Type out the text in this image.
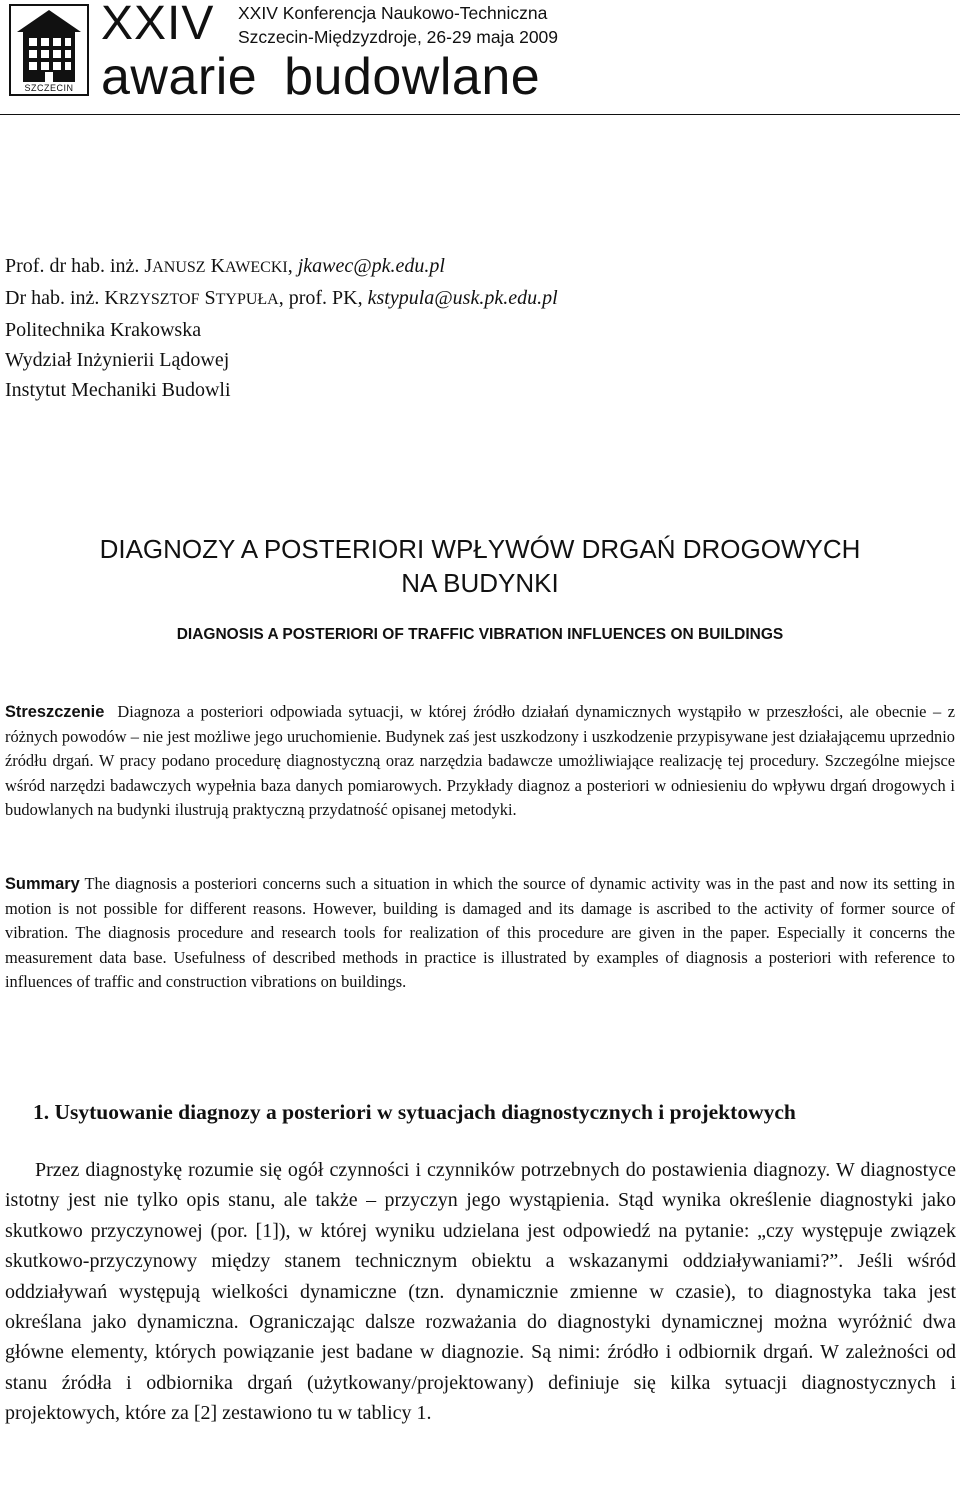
SZCZECIN
XXIV XXIV Konferencja Naukowo-Techniczna
Szczecin-Międzyzdroje, 26-29 maja 2009
awarie budowlane
Prof. dr hab. inż. JANUSZ KAWECKI, jkawec@pk.edu.pl
Dr hab. inż. KRZYSZTOF STYPUŁA, prof. PK, kstypula@usk.pk.edu.pl
Politechnika Krakowska
Wydział Inżynierii Lądowej
Instytut Mechaniki Budowli
DIAGNOZY A POSTERIORI WPŁYWÓW DRGAŃ DROGOWYCH
NA BUDYNKI
DIAGNOSIS A POSTERIORI OF TRAFFIC VIBRATION INFLUENCES ON BUILDINGS
Streszczenie Diagnoza a posteriori odpowiada sytuacji, w której źródło działań dynamicznych wystąpiło w przeszłości, ale obecnie – z różnych powodów – nie jest możliwe jego uruchomienie. Budynek zaś jest uszkodzony i uszkodzenie przypisywane jest działającemu uprzednio źródłu drgań. W pracy podano procedurę diagnostyczną oraz narzędzia badawcze umożliwiające realizację tej procedury. Szczególne miejsce wśród narzędzi badawczych wypełnia baza danych pomiarowych. Przykłady diagnoz a posteriori w odniesieniu do wpływu drgań drogowych i budowlanych na budynki ilustrują praktyczną przydatność opisanej metodyki.
Summary The diagnosis a posteriori concerns such a situation in which the source of dynamic activity was in the past and now its setting in motion is not possible for different reasons. However, building is damaged and its damage is ascribed to the activity of former source of vibration. The diagnosis procedure and research tools for realization of this procedure are given in the paper. Especially it concerns the measurement data base. Usefulness of described methods in practice is illustrated by examples of diagnosis a posteriori with reference to influences of traffic and construction vibrations on buildings.
1. Usytuowanie diagnozy a posteriori w sytuacjach diagnostycznych i projektowych
Przez diagnostykę rozumie się ogół czynności i czynników potrzebnych do postawienia diagnozy. W diagnostyce istotny jest nie tylko opis stanu, ale także – przyczyn jego wystąpienia. Stąd wynika określenie diagnostyki jako skutkowo przyczynowej (por. [1]), w której wyniku udzielana jest odpowiedź na pytanie: „czy występuje związek skutkowo-przyczynowy między stanem technicznym obiektu a wskazanymi oddziaływaniami?”. Jeśli wśród oddziaływań występują wielkości dynamiczne (tzn. dynamicznie zmienne w czasie), to diagnostyka taka jest określana jako dynamiczna. Ograniczając dalsze rozważania do diagnostyki dynamicznej można wyróżnić dwa główne elementy, których powiązanie jest badane w diagnozie. Są nimi: źródło i odbiornik drgań. W zależności od stanu źródła i odbiornika drgań (użytkowany/projektowany) definiuje się kilka sytuacji diagnostycznych i projektowych, które za [2] zestawiono tu w tablicy 1.
